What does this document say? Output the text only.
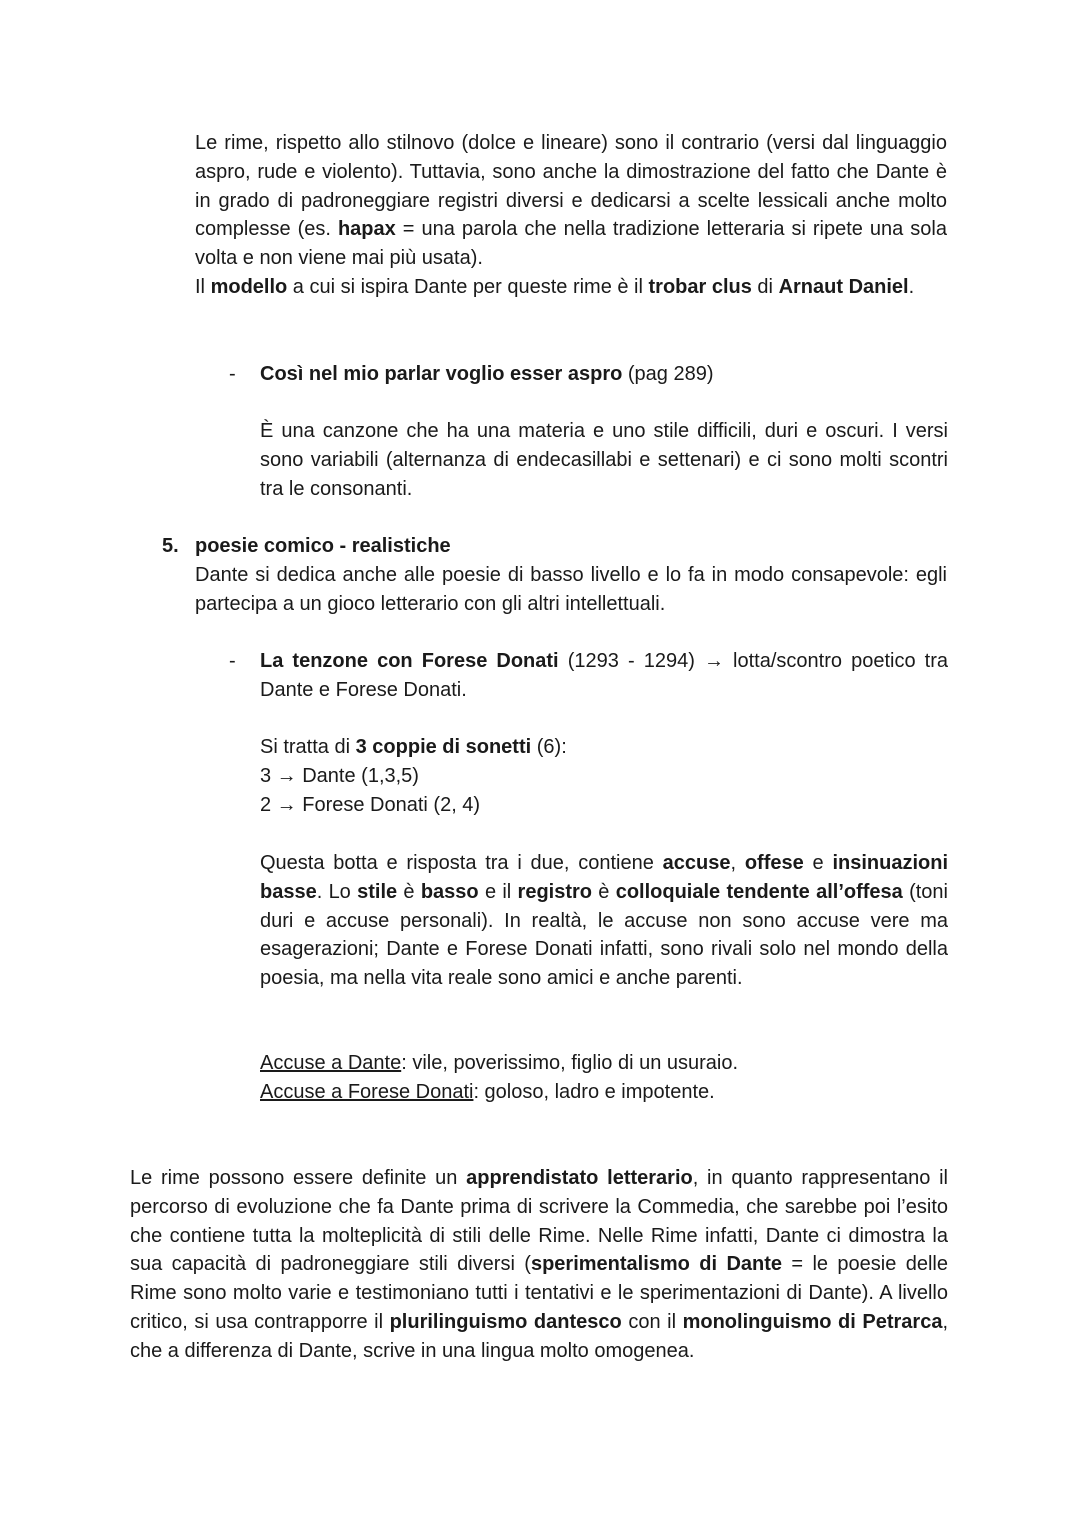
Le rime, rispetto allo stilnovo (dolce e lineare) sono il contrario (versi dal linguaggio aspro, rude e violento). Tuttavia, sono anche la dimostrazione del fatto che Dante è in grado di padroneggiare registri diversi e dedicarsi a scelte lessicali anche molto complesse (es. hapax = una parola che nella tradizione letteraria si ripete una sola volta e non viene mai più usata).

Il modello a cui si ispira Dante per queste rime è il trobar clus di Arnaut Daniel.

-	Così nel mio parlar voglio esser aspro (pag 289)

È una canzone che ha una materia e uno stile difficili, duri e oscuri. I versi sono variabili (alternanza di endecasillabi e settenari) e ci sono molti scontri tra le consonanti.

5. poesie comico - realistiche

Dante si dedica anche alle poesie di basso livello e lo fa in modo consapevole: egli partecipa a un gioco letterario con gli altri intellettuali.

-	La tenzone con Forese Donati (1293 - 1294) → lotta/scontro poetico tra Dante e Forese Donati.

Si tratta di 3 coppie di sonetti (6):

3 → Dante (1,3,5)

2 → Forese Donati (2, 4)

Questa botta e risposta tra i due, contiene accuse, offese e insinuazioni basse. Lo stile è basso e il registro è colloquiale tendente all’offesa (toni duri e accuse personali). In realtà, le accuse non sono accuse vere ma esagerazioni; Dante e Forese Donati infatti, sono rivali solo nel mondo della poesia, ma nella vita reale sono amici e anche parenti.

Accuse a Dante: vile, poverissimo, figlio di un usuraio.

Accuse a Forese Donati: goloso, ladro e impotente.

Le rime possono essere definite un apprendistato letterario, in quanto rappresentano il percorso di evoluzione che fa Dante prima di scrivere la Commedia, che sarebbe poi l’esito che contiene tutta la molteplicità di stili delle Rime. Nelle Rime infatti, Dante ci dimostra la sua capacità di padroneggiare stili diversi (sperimentalismo di Dante = le poesie delle Rime sono molto varie e testimoniano tutti i tentativi e le sperimentazioni di Dante). A livello critico, si usa contrapporre il plurilinguismo dantesco con il monolinguismo di Petrarca, che a differenza di Dante, scrive in una lingua molto omogenea.
